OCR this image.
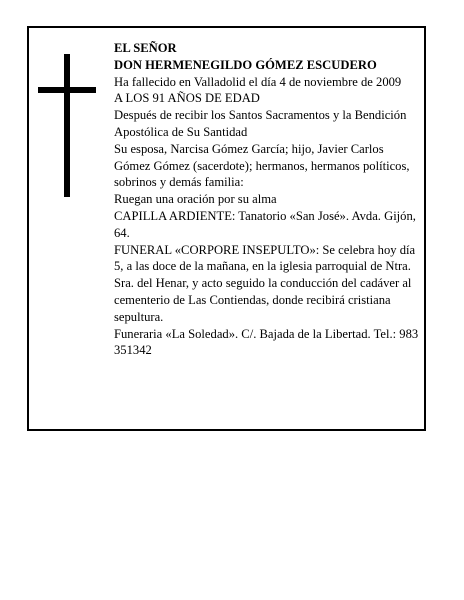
EL SEÑOR

DON HERMENEGILDO GÓMEZ ESCUDERO

Ha fallecido en Valladolid el día 4 de noviembre de 2009

A LOS 91 AÑOS DE EDAD

Después de recibir los Santos Sacramentos y la Bendición Apostólica de Su Santidad

Su esposa, Narcisa Gómez García; hijo, Javier Carlos Gómez Gómez (sacerdote); hermanos, hermanos políticos, sobrinos y demás familia:

Ruegan una oración por su alma

CAPILLA ARDIENTE: Tanatorio «San José». Avda. Gijón, 64.

FUNERAL «CORPORE INSEPULTO»: Se celebra hoy día 5, a las doce de la mañana, en la iglesia parroquial de Ntra. Sra. del Henar, y acto seguido la conducción del cadáver al cementerio de Las Contiendas, donde recibirá cristiana sepultura.

Funeraria «La Soledad». C/. Bajada de la Libertad. Tel.: 983 351342
